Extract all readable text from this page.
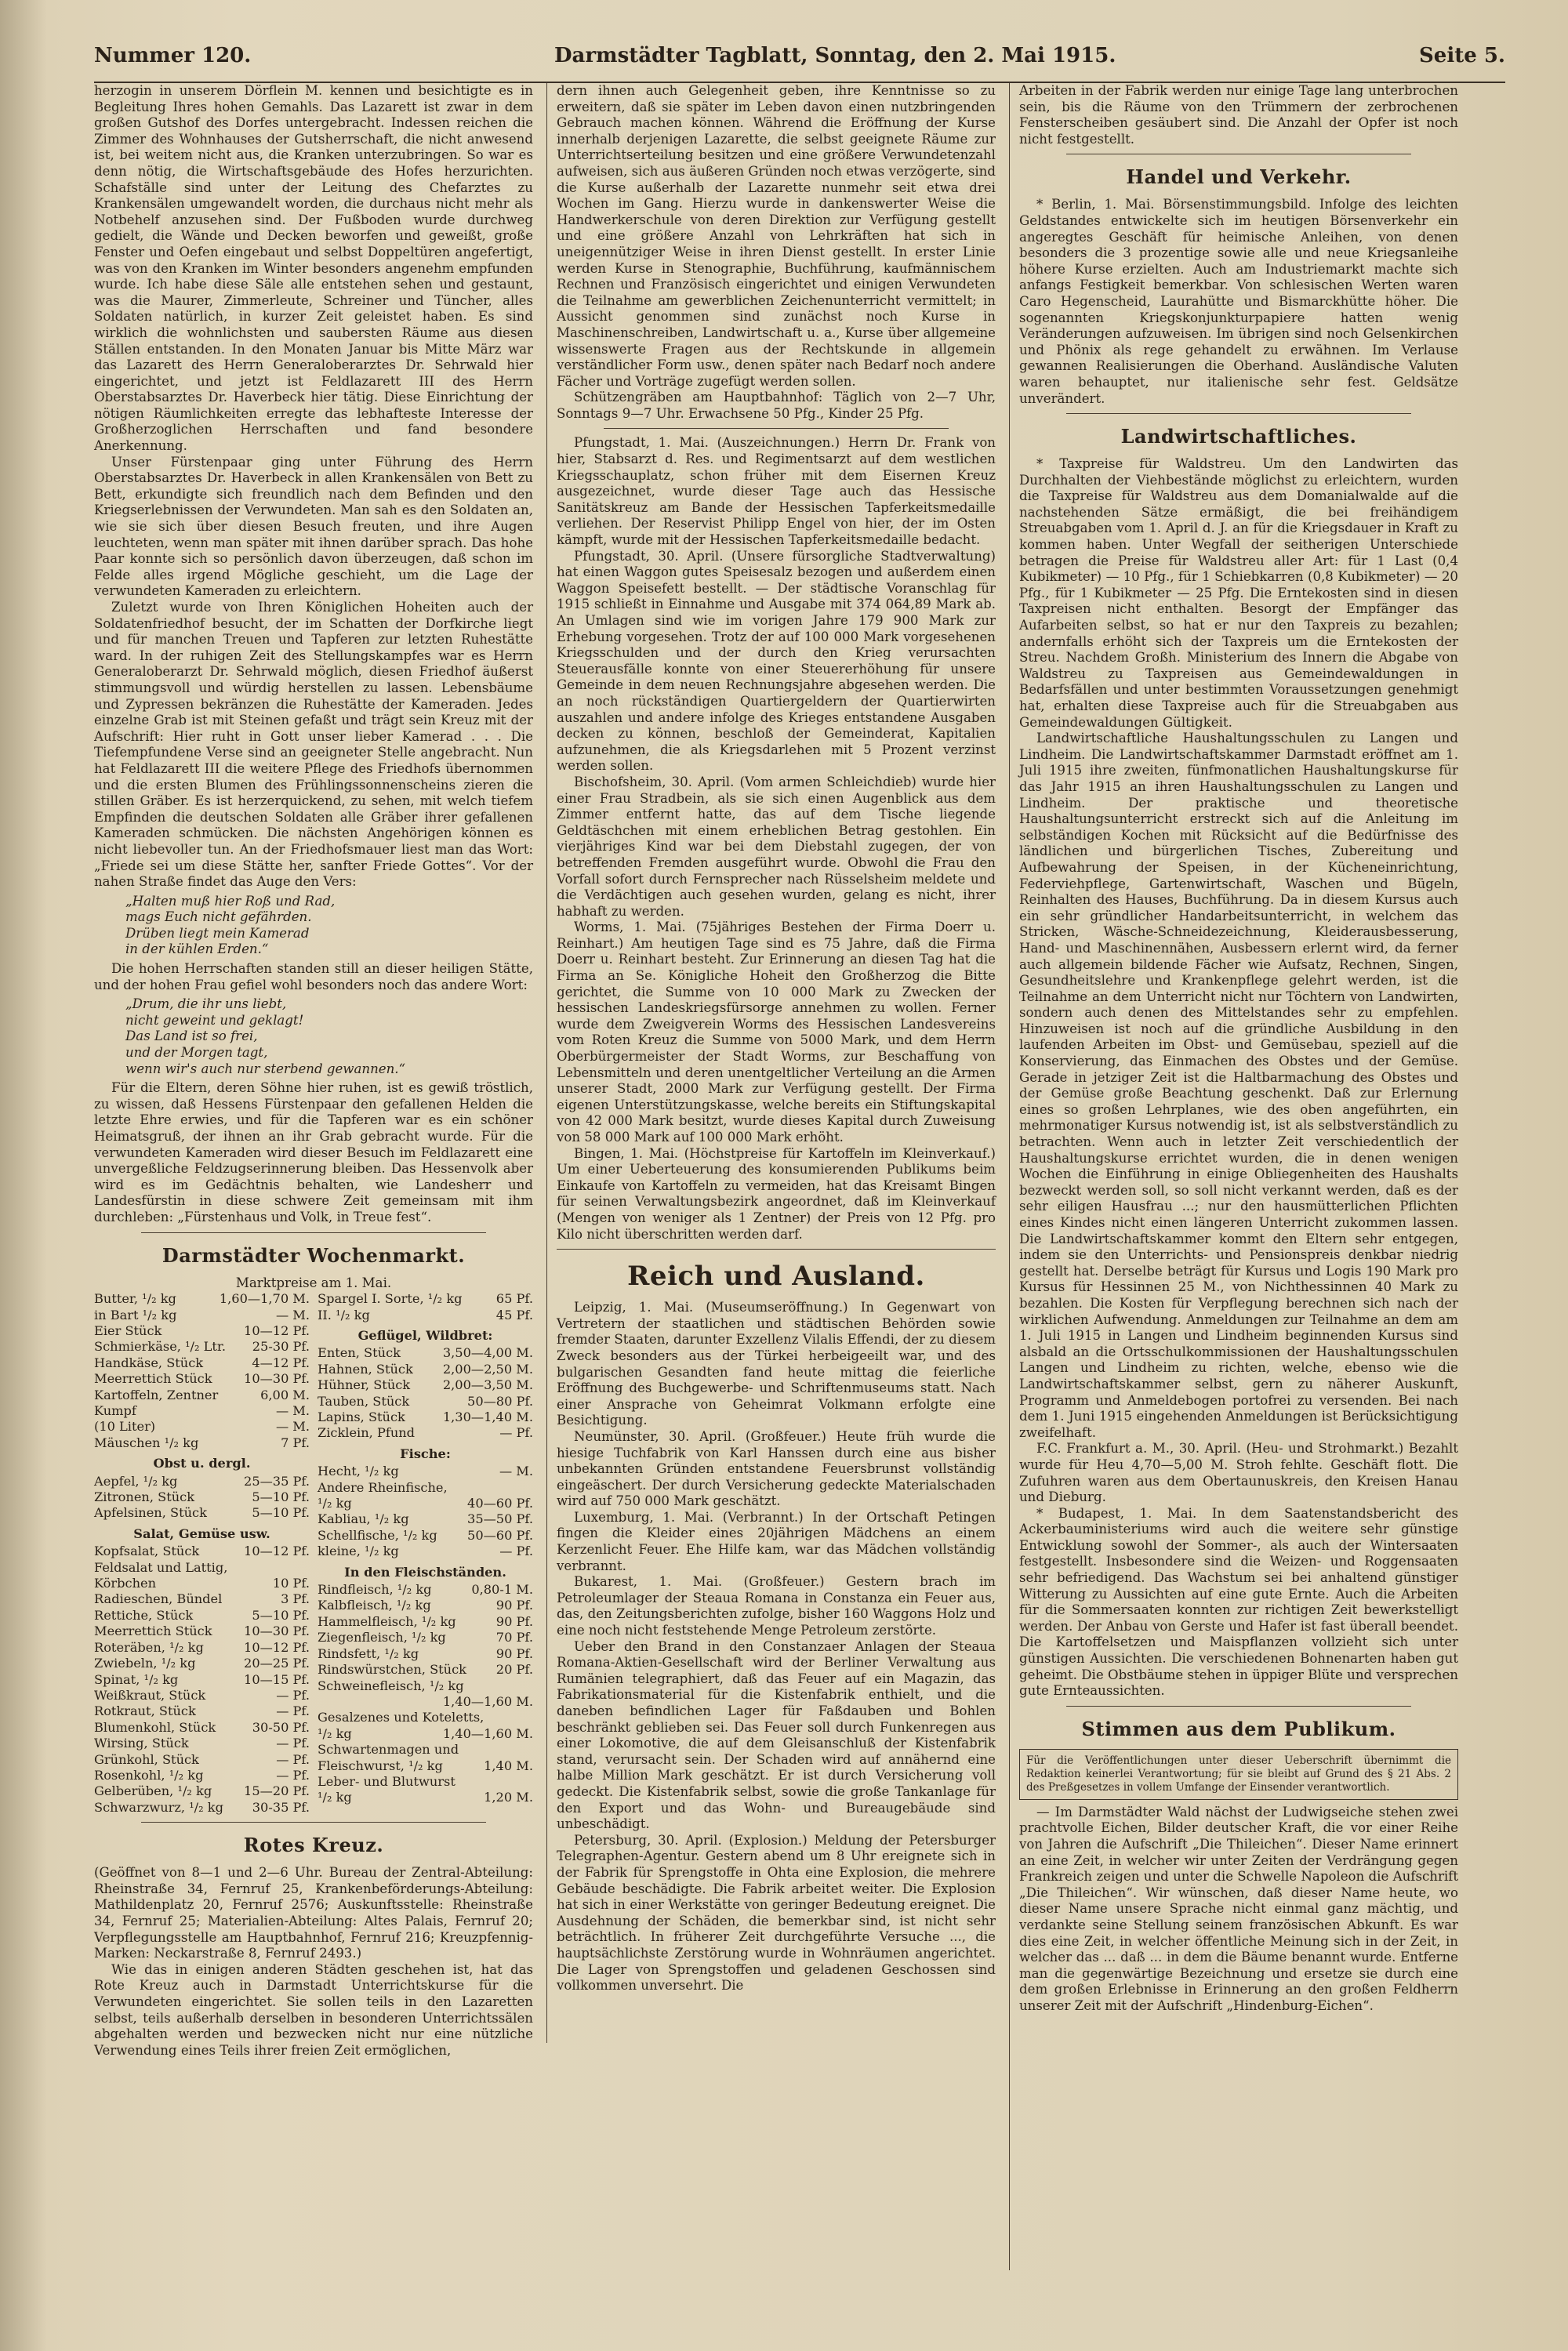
Nummer 120.	Darmstädter Tagblatt, Sonntag, den 2. Mai 1915.	Seite 5.

herzogin in unserem Dörflein M. kennen und besichtigte es in Begleitung Ihres hohen Gemahls. Das Lazarett ist zwar in dem großen Gutshof des Dorfes untergebracht. Indessen reichen die Zimmer des Wohnhauses der Gutsherrschaft, die nicht anwesend ist, bei weitem nicht aus, die Kranken unterzubringen. So war es denn nötig, die Wirtschaftsgebäude des Hofes herzurichten. Schafställe sind unter der Leitung des Chefarztes zu Krankensälen umgewandelt worden, die durchaus nicht mehr als Notbehelf anzusehen sind. Der Fußboden wurde durchweg gedielt, die Wände und Decken beworfen und geweißt, große Fenster und Oefen eingebaut und selbst Doppeltüren angefertigt, was von den Kranken im Winter besonders angenehm empfunden wurde. Ich habe diese Säle alle entstehen sehen und gestaunt, was die Maurer, Zimmerleute, Schreiner und Tüncher, alles Soldaten natürlich, in kurzer Zeit geleistet haben. Es sind wirklich die wohnlichsten und saubersten Räume aus diesen Ställen entstanden. In den Monaten Januar bis Mitte März war das Lazarett des Herrn Generaloberarztes Dr. Sehrwald hier eingerichtet, und jetzt ist Feldlazarett III des Herrn Oberstabsarztes Dr. Haverbeck hier tätig. Diese Einrichtung der nötigen Räumlichkeiten erregte das lebhafteste Interesse der Großherzoglichen Herrschaften und fand besondere Anerkennung.

Unser Fürstenpaar ging unter Führung des Herrn Oberstabsarztes Dr. Haverbeck in allen Krankensälen von Bett zu Bett, erkundigte sich freundlich nach dem Befinden und den Kriegserlebnissen der Verwundeten. Man sah es den Soldaten an, wie sie sich über diesen Besuch freuten, und ihre Augen leuchteten, wenn man später mit ihnen darüber sprach. Das hohe Paar konnte sich so persönlich davon überzeugen, daß schon im Felde alles irgend Mögliche geschieht, um die Lage der verwundeten Kameraden zu erleichtern.

Zuletzt wurde von Ihren Königlichen Hoheiten auch der Soldatenfriedhof besucht, der im Schatten der Dorfkirche liegt und für manchen Treuen und Tapferen zur letzten Ruhestätte ward. In der ruhigen Zeit des Stellungskampfes war es Herrn Generaloberarzt Dr. Sehrwald möglich, diesen Friedhof äußerst stimmungsvoll und würdig herstellen zu lassen. Lebensbäume und Zypressen bekränzen die Ruhestätte der Kameraden. Jedes einzelne Grab ist mit Steinen gefaßt und trägt sein Kreuz mit der Aufschrift: Hier ruht in Gott unser lieber Kamerad . . . Die Tiefempfundene Verse sind an geeigneter Stelle angebracht. Nun hat Feldlazarett III die weitere Pflege des Friedhofs übernommen und die ersten Blumen des Frühlingssonnenscheins zieren die stillen Gräber. Es ist herzerquickend, zu sehen, mit welch tiefem Empfinden die deutschen Soldaten alle Gräber ihrer gefallenen Kameraden schmücken. Die nächsten Angehörigen können es nicht liebevoller tun. An der Friedhofsmauer liest man das Wort: „Friede sei um diese Stätte her, sanfter Friede Gottes“. Vor der nahen Straße findet das Auge den Vers:

„Halten muß hier Roß und Rad,
mags Euch nicht gefährden.
Drüben liegt mein Kamerad
in der kühlen Erden.“

Die hohen Herrschaften standen still an dieser heiligen Stätte, und der hohen Frau gefiel wohl besonders noch das andere Wort:

„Drum, die ihr uns liebt,
nicht geweint und geklagt!
Das Land ist so frei,
und der Morgen tagt,
wenn wir's auch nur sterbend gewannen.“

Für die Eltern, deren Söhne hier ruhen, ist es gewiß tröstlich, zu wissen, daß Hessens Fürstenpaar den gefallenen Helden die letzte Ehre erwies, und für die Tapferen war es ein schöner Heimatsgruß, der ihnen an ihr Grab gebracht wurde. Für die verwundeten Kameraden wird dieser Besuch im Feldlazarett eine unvergeßliche Feldzugserinnerung bleiben. Das Hessenvolk aber wird es im Gedächtnis behalten, wie Landesherr und Landesfürstin in diese schwere Zeit gemeinsam mit ihm durchleben: „Fürstenhaus und Volk, in Treue fest“.

Darmstädter Wochenmarkt.
Marktpreise am 1. Mai.
Butter, ¹/₂ kg	1,60—1,70 M.
in Bart ¹/₂ kg	— M.
Eier Stück	10—12 Pf.
Schmierkäse, ¹/₂ Ltr. 25-30 Pf.
Handkäse, Stück	4—12 Pf.
Meerrettich Stück	10—30 Pf.
Kartoffeln, Zentner	6,00 M.
Kumpf	— M.
(10 Liter)	— M.
Mäuschen ¹/₂ kg	7 Pf.
Obst u. dergl.
Aepfel, ¹/₂ kg	25—35 Pf.
Zitronen, Stück	5—10 Pf.
Apfelsinen, Stück	5—10 Pf.
Salat, Gemüse usw.
Kopfsalat, Stück	10—12 Pf.
Feldsalat und Lattig,
Körbchen	10 Pf.
Radieschen, Bündel	3 Pf.
Rettiche, Stück	5—10 Pf.
Meerrettich Stück	10—30 Pf.
Roteräben, ¹/₂ kg	10—12 Pf.
Zwiebeln, ¹/₂ kg	20—25 Pf.
Spinat, ¹/₂ kg	10—15 Pf.
Weißkraut, Stück	— Pf.
Rotkraut, Stück	— Pf.
Blumenkohl, Stück	30-50 Pf.
Wirsing, Stück	— Pf.
Grünkohl, Stück	— Pf.
Rosenkohl, ¹/₂ kg	— Pf.
Gelberüben, ¹/₂ kg	15—20 Pf.
Schwarzwurz, ¹/₂ kg 30-35 Pf.
Spargel I. Sorte, ¹/₂ kg	65 Pf.
II. ¹/₂ kg	45 Pf.
Geflügel, Wildbret:
Enten, Stück	3,50—4,00 M.
Hahnen, Stück 2,00—2,50 M.
Hühner, Stück	2,00—3,50 M.
Tauben, Stück	50—80 Pf.
Lapins, Stück	1,30—1,40 M.
Zicklein, Pfund	— Pf.
Fische:
Hecht, ¹/₂ kg	— M.
Andere Rheinfische,
¹/₂ kg	40—60 Pf.
Kabliau, ¹/₂ kg	35—50 Pf.
Schellfische, ¹/₂ kg 50—60 Pf.
kleine, ¹/₂ kg	— Pf.
In den Fleischständen.
Rindfleisch, ¹/₂ kg	0,80-1 M.
Kalbfleisch, ¹/₂ kg	90 Pf.
Hammelfleisch, ¹/₂ kg	90 Pf.
Ziegenfleisch, ¹/₂ kg	70 Pf.
Rindsfett, ¹/₂ kg	90 Pf.
Rindswürstchen, Stück 20 Pf.
Schweinefleisch, ¹/₂ kg
1,40—1,60 M.
Gesalzenes und Koteletts,
¹/₂ kg	1,40—1,60 M.
Schwartenmagen und
Fleischwurst, ¹/₂ kg	1,40 M.
Leber- und Blutwurst
¹/₂ kg	1,20 M.
Rotes Kreuz.

(Geöffnet von 8—1 und 2—6 Uhr. Bureau der Zentral-Abteilung: Rheinstraße 34, Fernruf 25, Krankenbeförderungs-Abteilung: Mathildenplatz 20, Fernruf 2576; Auskunftsstelle: Rheinstraße 34, Fernruf 25; Materialien-Abteilung: Altes Palais, Fernruf 20; Verpflegungsstelle am Hauptbahnhof, Fernruf 216; Kreuzpfennig-Marken: Neckarstraße 8, Fernruf 2493.)

Wie das in einigen anderen Städten geschehen ist, hat das Rote Kreuz auch in Darmstadt Unterrichtskurse für die Verwundeten eingerichtet. Sie sollen teils in den Lazaretten selbst, teils außerhalb derselben in besonderen Unterrichtssälen abgehalten werden und bezwecken nicht nur eine nützliche Verwendung eines Teils ihrer freien Zeit ermöglichen,

dern ihnen auch Gelegenheit geben, ihre Kenntnisse so zu erweitern, daß sie später im Leben davon einen nutzbringenden Gebrauch machen können. Während die Eröffnung der Kurse innerhalb derjenigen Lazarette, die selbst geeignete Räume zur Unterrichtserteilung besitzen und eine größere Verwundetenzahl aufweisen, sich aus äußeren Gründen noch etwas verzögerte, sind die Kurse außerhalb der Lazarette nunmehr seit etwa drei Wochen im Gang. Hierzu wurde in dankenswerter Weise die Handwerkerschule von deren Direktion zur Verfügung gestellt und eine größere Anzahl von Lehrkräften hat sich in uneigennütziger Weise in ihren Dienst gestellt. In erster Linie werden Kurse in Stenographie, Buchführung, kaufmännischem Rechnen und Französisch eingerichtet und einigen Verwundeten die Teilnahme am gewerblichen Zeichenunterricht vermittelt; in Aussicht genommen sind zunächst noch Kurse in Maschinenschreiben, Landwirtschaft u. a., Kurse über allgemeine wissenswerte Fragen aus der Rechtskunde in allgemein verständlicher Form usw., denen später nach Bedarf noch andere Fächer und Vorträge zugefügt werden sollen.

Schützengräben am Hauptbahnhof: Täglich von 2—7 Uhr, Sonntags 9—7 Uhr. Erwachsene 50 Pfg., Kinder 25 Pfg.

Pfungstadt, 1. Mai. (Auszeichnungen.) Herrn Dr. Frank von hier, Stabsarzt d. Res. und Regimentsarzt auf dem westlichen Kriegsschauplatz, schon früher mit dem Eisernen Kreuz ausgezeichnet, wurde dieser Tage auch das Hessische Sanitätskreuz am Bande der Hessischen Tapferkeitsmedaille verliehen. Der Reservist Philipp Engel von hier, der im Osten kämpft, wurde mit der Hessischen Tapferkeitsmedaille bedacht.

Pfungstadt, 30. April. (Unsere fürsorgliche Stadtverwaltung) hat einen Waggon gutes Speisesalz bezogen und außerdem einen Waggon Speisefett bestellt. — Der städtische Voranschlag für 1915 schließt in Einnahme und Ausgabe mit 374 064,89 Mark ab. An Umlagen sind wie im vorigen Jahre 179 900 Mark zur Erhebung vorgesehen. Trotz der auf 100 000 Mark vorgesehenen Kriegsschulden und der durch den Krieg verursachten Steuerausfälle konnte von einer Steuererhöhung für unsere Gemeinde in dem neuen Rechnungsjahre abgesehen werden. Die an noch rückständigen Quartiergeldern der Quartierwirten auszahlen und andere infolge des Krieges entstandene Ausgaben decken zu können, beschloß der Gemeinderat, Kapitalien aufzunehmen, die als Kriegsdarlehen mit 5 Prozent verzinst werden sollen.

Bischofsheim, 30. April. (Vom armen Schleichdieb) wurde hier einer Frau Stradbein, als sie sich einen Augenblick aus dem Zimmer entfernt hatte, das auf dem Tische liegende Geldtäschchen mit einem erheblichen Betrag gestohlen. Ein vierjähriges Kind war bei dem Diebstahl zugegen, der von betreffenden Fremden ausgeführt wurde. Obwohl die Frau den Vorfall sofort durch Fernsprecher nach Rüsselsheim meldete und die Verdächtigen auch gesehen wurden, gelang es nicht, ihrer habhaft zu werden.

Worms, 1. Mai. (75jähriges Bestehen der Firma Doerr u. Reinhart.) Am heutigen Tage sind es 75 Jahre, daß die Firma Doerr u. Reinhart besteht. Zur Erinnerung an diesen Tag hat die Firma an Se. Königliche Hoheit den Großherzog die Bitte gerichtet, die Summe von 10 000 Mark zu Zwecken der hessischen Landeskriegsfürsorge annehmen zu wollen. Ferner wurde dem Zweigverein Worms des Hessischen Landesvereins vom Roten Kreuz die Summe von 5000 Mark, und dem Herrn Oberbürgermeister der Stadt Worms, zur Beschaffung von Lebensmitteln und deren unentgeltlicher Verteilung an die Armen unserer Stadt, 2000 Mark zur Verfügung gestellt. Der Firma eigenen Unterstützungskasse, welche bereits ein Stiftungskapital von 42 000 Mark besitzt, wurde dieses Kapital durch Zuweisung von 58 000 Mark auf 100 000 Mark erhöht.

Bingen, 1. Mai. (Höchstpreise für Kartoffeln im Kleinverkauf.) Um einer Ueberteuerung des konsumierenden Publikums beim Einkaufe von Kartoffeln zu vermeiden, hat das Kreisamt Bingen für seinen Verwaltungsbezirk angeordnet, daß im Kleinverkauf (Mengen von weniger als 1 Zentner) der Preis von 12 Pfg. pro Kilo nicht überschritten werden darf.

Reich und Ausland.

Leipzig, 1. Mai. (Museumseröffnung.) In Gegenwart von Vertretern der staatlichen und städtischen Behörden sowie fremder Staaten, darunter Exzellenz Vilalis Effendi, der zu diesem Zweck besonders aus der Türkei herbeigeeilt war, und des bulgarischen Gesandten fand heute mittag die feierliche Eröffnung des Buchgewerbe- und Schriftenmuseums statt. Nach einer Ansprache von Geheimrat Volkmann erfolgte eine Besichtigung.

Neumünster, 30. April. (Großfeuer.) Heute früh wurde die hiesige Tuchfabrik von Karl Hanssen durch eine aus bisher unbekannten Gründen entstandene Feuersbrunst vollständig eingeäschert. Der durch Versicherung gedeckte Materialschaden wird auf 750 000 Mark geschätzt.

Luxemburg, 1. Mai. (Verbrannt.) In der Ortschaft Petingen fingen die Kleider eines 20jährigen Mädchens an einem Kerzenlicht Feuer. Ehe Hilfe kam, war das Mädchen vollständig verbrannt.

Bukarest, 1. Mai. (Großfeuer.) Gestern brach im Petroleumlager der Steaua Romana in Constanza ein Feuer aus, das, den Zeitungsberichten zufolge, bisher 160 Waggons Holz und eine noch nicht feststehende Menge Petroleum zerstörte.

Ueber den Brand in den Constanzaer Anlagen der Steaua Romana-Aktien-Gesellschaft wird der Berliner Verwaltung aus Rumänien telegraphiert, daß das Feuer auf ein Magazin, das Fabrikationsmaterial für die Kistenfabrik enthielt, und die daneben befindlichen Lager für Faßdauben und Bohlen beschränkt geblieben sei. Das Feuer soll durch Funkenregen aus einer Lokomotive, die auf dem Gleisanschluß der Kistenfabrik stand, verursacht sein. Der Schaden wird auf annähernd eine halbe Million Mark geschätzt. Er ist durch Versicherung voll gedeckt. Die Kistenfabrik selbst, sowie die große Tankanlage für den Export und das Wohn- und Bureaugebäude sind unbeschädigt.

Petersburg, 30. April. (Explosion.) Meldung der Petersburger Telegraphen-Agentur. Gestern abend um 8 Uhr ereignete sich in der Fabrik für Sprengstoffe in Ohta eine Explosion, die mehrere Gebäude beschädigte. Die Fabrik arbeitet weiter. Die Explosion hat sich in einer Werkstätte von geringer Bedeutung ereignet. Die Ausdehnung der Schäden, die bemerkbar sind, ist nicht sehr beträchtlich. In früherer Zeit durchgeführte Versuche ..., die hauptsächlichste Zerstörung wurde in Wohnräumen angerichtet. Die Lager von Sprengstoffen und geladenen Geschossen sind vollkommen unversehrt. Die

Arbeiten in der Fabrik werden nur einige Tage lang unterbrochen sein, bis die Räume von den Trümmern der zerbrochenen Fensterscheiben gesäubert sind. Die Anzahl der Opfer ist noch nicht festgestellt.

Handel und Verkehr.

* Berlin, 1. Mai. Börsenstimmungsbild. Infolge des leichten Geldstandes entwickelte sich im heutigen Börsenverkehr ein angeregtes Geschäft für heimische Anleihen, von denen besonders die 3 prozentige sowie alle und neue Kriegsanleihe höhere Kurse erzielten. Auch am Industriemarkt machte sich anfangs Festigkeit bemerkbar. Von schlesischen Werten waren Caro Hegenscheid, Laurahütte und Bismarckhütte höher. Die sogenannten Kriegskonjunkturpapiere hatten wenig Veränderungen aufzuweisen. Im übrigen sind noch Gelsenkirchen und Phönix als rege gehandelt zu erwähnen. Im Verlause gewannen Realisierungen die Oberhand. Ausländische Valuten waren behauptet, nur italienische sehr fest. Geldsätze unverändert.

Landwirtschaftliches.

* Taxpreise für Waldstreu. Um den Landwirten das Durchhalten der Viehbestände möglichst zu erleichtern, wurden die Taxpreise für Waldstreu aus dem Domanialwalde auf die nachstehenden Sätze ermäßigt, die bei freihändigem Streuabgaben vom 1. April d. J. an für die Kriegsdauer in Kraft zu kommen haben. Unter Wegfall der seitherigen Unterschiede betragen die Preise für Waldstreu aller Art: für 1 Last (0,4 Kubikmeter) — 10 Pfg., für 1 Schiebkarren (0,8 Kubikmeter) — 20 Pfg., für 1 Kubikmeter — 25 Pfg. Die Erntekosten sind in diesen Taxpreisen nicht enthalten. Besorgt der Empfänger das Aufarbeiten selbst, so hat er nur den Taxpreis zu bezahlen; andernfalls erhöht sich der Taxpreis um die Erntekosten der Streu. Nachdem Großh. Ministerium des Innern die Abgabe von Waldstreu zu Taxpreisen aus Gemeindewaldungen in Bedarfsfällen und unter bestimmten Voraussetzungen genehmigt hat, erhalten diese Taxpreise auch für die Streuabgaben aus Gemeindewaldungen Gültigkeit.

Landwirtschaftliche Haushaltungsschulen zu Langen und Lindheim. Die Landwirtschaftskammer Darmstadt eröffnet am 1. Juli 1915 ihre zweiten, fünfmonatlichen Haushaltungskurse für das Jahr 1915 an ihren Haushaltungsschulen zu Langen und Lindheim. Der praktische und theoretische Haushaltungsunterricht erstreckt sich auf die Anleitung im selbständigen Kochen mit Rücksicht auf die Bedürfnisse des ländlichen und bürgerlichen Tisches, Zubereitung und Aufbewahrung der Speisen, in der Kücheneinrichtung, Federviehpflege, Gartenwirtschaft, Waschen und Bügeln, Reinhalten des Hauses, Buchführung. Da in diesem Kursus auch ein sehr gründlicher Handarbeitsunterricht, in welchem das Stricken, Wäsche-Schneidezeichnung, Kleiderausbesserung, Hand- und Maschinennähen, Ausbessern erlernt wird, da ferner auch allgemein bildende Fächer wie Aufsatz, Rechnen, Singen, Gesundheitslehre und Krankenpflege gelehrt werden, ist die Teilnahme an dem Unterricht nicht nur Töchtern von Landwirten, sondern auch denen des Mittelstandes sehr zu empfehlen. Hinzuweisen ist noch auf die gründliche Ausbildung in den laufenden Arbeiten im Obst- und Gemüsebau, speziell auf die Konservierung, das Einmachen des Obstes und der Gemüse. Gerade in jetziger Zeit ist die Haltbarmachung des Obstes und der Gemüse große Beachtung geschenkt. Daß zur Erlernung eines so großen Lehrplanes, wie des oben angeführten, ein mehrmonatiger Kursus notwendig ist, ist als selbstverständlich zu betrachten. Wenn auch in letzter Zeit verschiedentlich der Haushaltungskurse errichtet wurden, die in denen wenigen Wochen die Einführung in einige Obliegenheiten des Haushalts bezweckt werden soll, so soll nicht verkannt werden, daß es der sehr eiligen Hausfrau ...; nur den hausmütterlichen Pflichten eines Kindes nicht einen längeren Unterricht zukommen lassen. Die Landwirtschaftskammer kommt den Eltern sehr entgegen, indem sie den Unterrichts- und Pensionspreis denkbar niedrig gestellt hat. Derselbe beträgt für Kursus und Logis 190 Mark pro Kursus für Hessinnen 25 M., von Nichthessinnen 40 Mark zu bezahlen. Die Kosten für Verpflegung berechnen sich nach der wirklichen Aufwendung. Anmeldungen zur Teilnahme an dem am 1. Juli 1915 in Langen und Lindheim beginnenden Kursus sind alsbald an die Ortsschulkommissionen der Haushaltungsschulen Langen und Lindheim zu richten, welche, ebenso wie die Landwirtschaftskammer selbst, gern zu näherer Auskunft, Programm und Anmeldebogen portofrei zu versenden. Bei nach dem 1. Juni 1915 eingehenden Anmeldungen ist Berücksichtigung zweifelhaft.

F.C. Frankfurt a. M., 30. April. (Heu- und Strohmarkt.) Bezahlt wurde für Heu 4,70—5,00 M. Stroh fehlte. Geschäft flott. Die Zufuhren waren aus dem Obertaunuskreis, den Kreisen Hanau und Dieburg.

* Budapest, 1. Mai. In dem Saatenstandsbericht des Ackerbauministeriums wird auch die weitere sehr günstige Entwicklung sowohl der Sommer-, als auch der Wintersaaten festgestellt. Insbesondere sind die Weizen- und Roggensaaten sehr befriedigend. Das Wachstum sei bei anhaltend günstiger Witterung zu Aussichten auf eine gute Ernte. Auch die Arbeiten für die Sommersaaten konnten zur richtigen Zeit bewerkstelligt werden. Der Anbau von Gerste und Hafer ist fast überall beendet. Die Kartoffelsetzen und Maispflanzen vollzieht sich unter günstigen Aussichten. Die verschiedenen Bohnenarten haben gut geheimt. Die Obstbäume stehen in üppiger Blüte und versprechen gute Ernteaussichten.

Stimmen aus dem Publikum.
Für die Veröffentlichungen unter dieser Ueberschrift übernimmt die Redaktion keinerlei Verantwortung; für sie bleibt auf Grund des § 21 Abs. 2 des Preßgesetzes in vollem Umfange der Einsender verantwortlich.

— Im Darmstädter Wald nächst der Ludwigseiche stehen zwei prachtvolle Eichen, Bilder deutscher Kraft, die vor einer Reihe von Jahren die Aufschrift „Die Thileichen“. Dieser Name erinnert an eine Zeit, in welcher wir unter Zeiten der Verdrängung gegen Frankreich zeigen und unter die Schwelle Napoleon die Aufschrift „Die Thileichen“. Wir wünschen, daß dieser Name heute, wo dieser Name unsere Sprache nicht einmal ganz mächtig, und verdankte seine Stellung seinem französischen Abkunft. Es war dies eine Zeit, in welcher öffentliche Meinung sich in der Zeit, in welcher das ... daß ... in dem die Bäume benannt wurde. Entferne man die gegenwärtige Bezeichnung und ersetze sie durch eine dem großen Erlebnisse in Erinnerung an den großen Feldherrn unserer Zeit mit der Aufschrift „Hindenburg-Eichen“.
